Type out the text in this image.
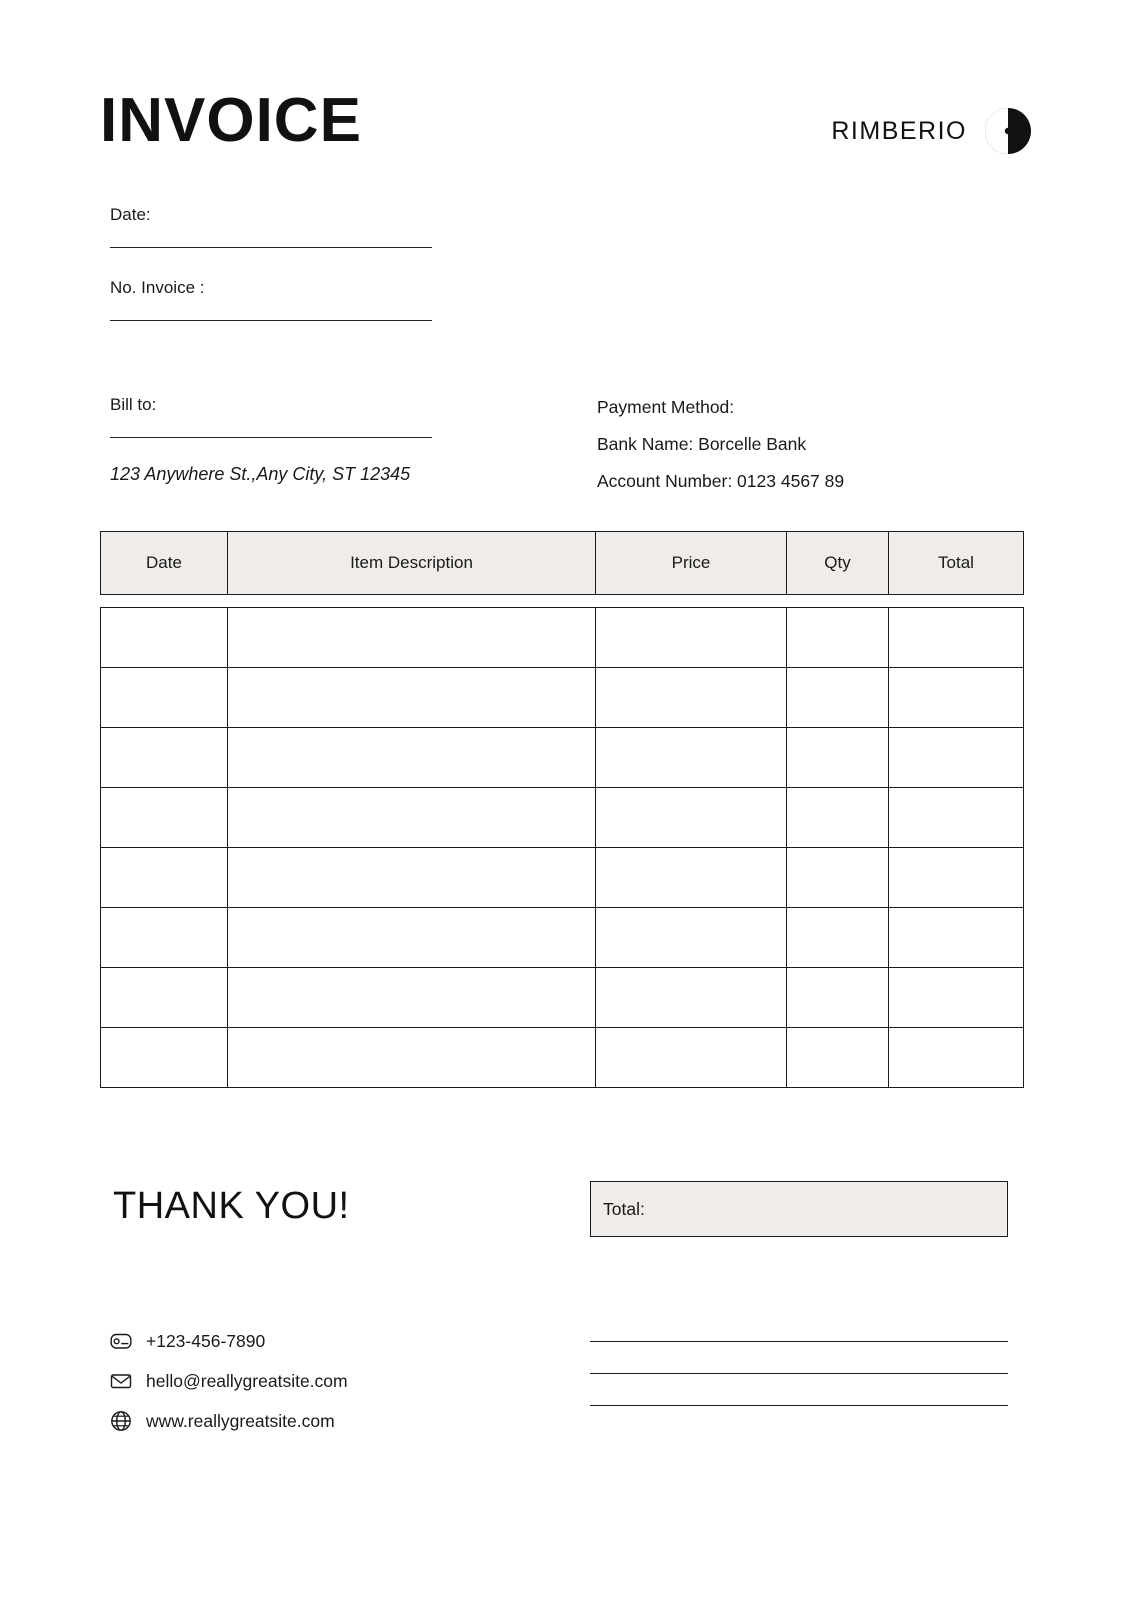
INVOICE	RIMBERIO

Date:

No. Invoice :

Bill to:

123 Anywhere St.,Any City, ST 12345

Payment Method:

Bank Name: Borcelle Bank

Account Number: 0123 4567 89

Date	Item Description	Price	Qty	Total

THANK YOU!	Total:
+123-456-7890
hello@reallygreatsite.com
www.reallygreatsite.com
